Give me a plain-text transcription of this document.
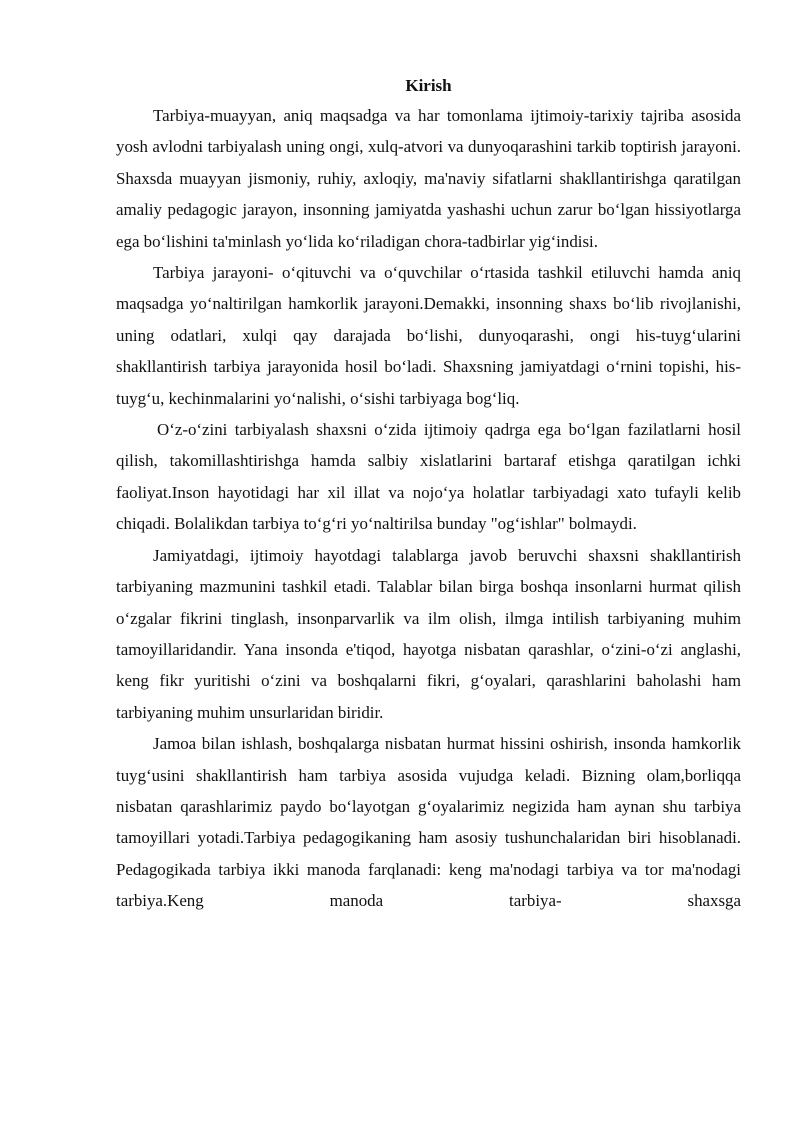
Kirish

Tarbiya-muayyan, aniq maqsadga va har tomonlama ijtimoiy-tarixiy tajriba asosida yosh avlodni tarbiyalash uning ongi, xulq-atvori va dunyoqarashini tarkib toptirish jarayoni. Shaxsda muayyan jismoniy, ruhiy, axloqiy, ma'naviy sifatlarni shakllantirishga qaratilgan amaliy pedagogic jarayon, insonning jamiyatda yashashi uchun zarur bo‘lgan hissiyotlarga ega bo‘lishini ta'minlash yo‘lida ko‘riladigan chora-tadbirlar yig‘indisi.

Tarbiya jarayoni- o‘qituvchi va o‘quvchilar o‘rtasida tashkil etiluvchi hamda aniq maqsadga yo‘naltirilgan hamkorlik jarayoni.Demakki, insonning shaxs bo‘lib rivojlanishi, uning odatlari, xulqi qay darajada bo‘lishi, dunyoqarashi, ongi his-tuyg‘ularini shakllantirish tarbiya jarayonida hosil bo‘ladi. Shaxsning jamiyatdagi o‘rnini topishi, his-tuyg‘u, kechinmalarini yo‘nalishi, o‘sishi tarbiyaga bog‘liq.

O‘z-o‘zini tarbiyalash shaxsni o‘zida ijtimoiy qadrga ega bo‘lgan fazilatlarni hosil qilish, takomillashtirishga hamda salbiy xislatlarini bartaraf etishga qaratilgan ichki faoliyat.Inson hayotidagi har xil illat va nojo‘ya holatlar tarbiyadagi xato tufayli kelib chiqadi. Bolalikdan tarbiya to‘g‘ri yo‘naltirilsa bunday "og‘ishlar" bolmaydi.

Jamiyatdagi, ijtimoiy hayotdagi talablarga javob beruvchi shaxsni shakllantirish tarbiyaning mazmunini tashkil etadi. Talablar bilan birga boshqa insonlarni hurmat qilish o‘zgalar fikrini tinglash, insonparvarlik va ilm olish, ilmga intilish tarbiyaning muhim tamoyillaridandir. Yana insonda e'tiqod, hayotga nisbatan qarashlar, o‘zini-o‘zi anglashi, keng fikr yuritishi o‘zini va boshqalarni fikri, g‘oyalari, qarashlarini baholashi ham tarbiyaning muhim unsurlaridan biridir.

Jamoa bilan ishlash, boshqalarga nisbatan hurmat hissini oshirish, insonda hamkorlik tuyg‘usini shakllantirish ham tarbiya asosida vujudga keladi. Bizning olam,borliqqa nisbatan qarashlarimiz paydo bo‘layotgan g‘oyalarimiz negizida ham aynan shu tarbiya tamoyillari yotadi.Tarbiya pedagogikaning ham asosiy tushunchalaridan biri hisoblanadi. Pedagogikada tarbiya ikki manoda farqlanadi: keng ma'nodagi tarbiya va tor ma'nodagi tarbiya.Keng manoda tarbiya- shaxsga
